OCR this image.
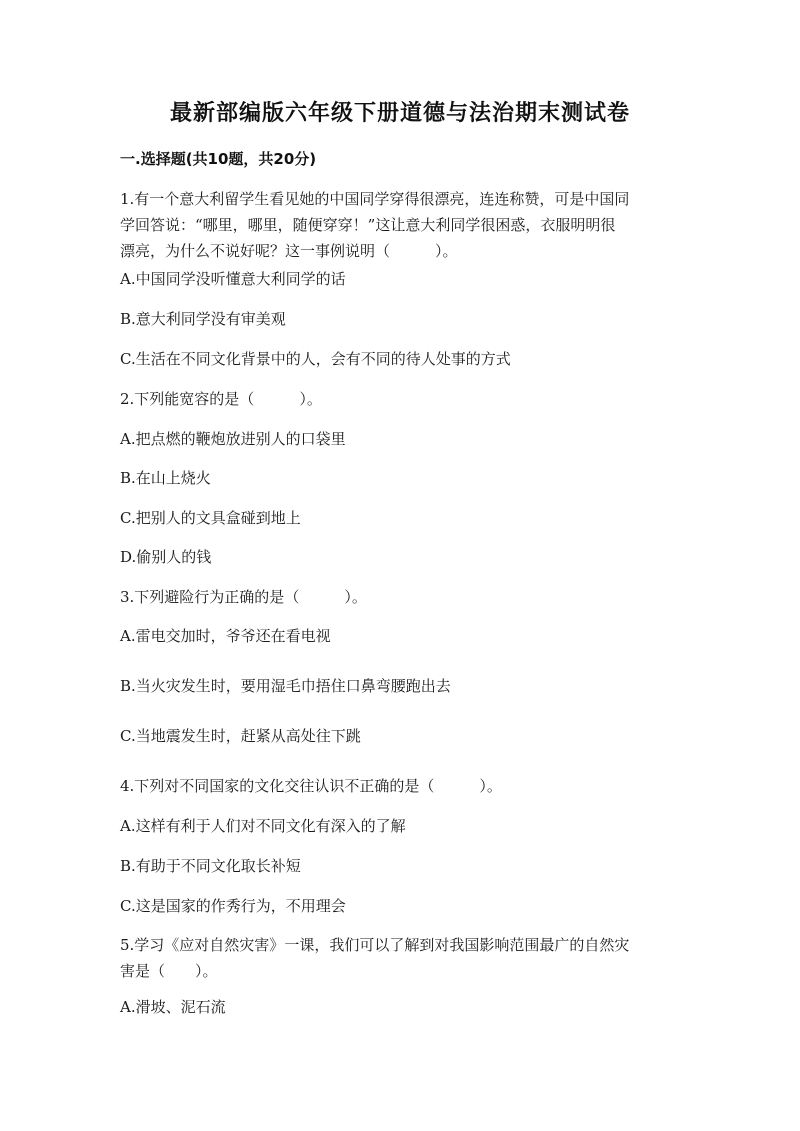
最新部编版六年级下册道德与法治期末测试卷
一.选择题(共10题，共20分)
1.有一个意大利留学生看见她的中国同学穿得很漂亮，连连称赞，可是中国同
学回答说：“哪里，哪里，随便穿穿！”这让意大利同学很困惑，衣服明明很
漂亮，为什么不说好呢？这一事例说明（　　　）。
A.中国同学没听懂意大利同学的话
B.意大利同学没有审美观
C.生活在不同文化背景中的人，会有不同的待人处事的方式
2.下列能宽容的是（　　　）。
A.把点燃的鞭炮放进别人的口袋里
B.在山上烧火
C.把别人的文具盒碰到地上
D.偷别人的钱
3.下列避险行为正确的是（　　　）。
A.雷电交加时，爷爷还在看电视
B.当火灾发生时，要用湿毛巾捂住口鼻弯腰跑出去
C.当地震发生时，赶紧从高处往下跳
4.下列对不同国家的文化交往认识不正确的是（　　　）。
A.这样有利于人们对不同文化有深入的了解
B.有助于不同文化取长补短
C.这是国家的作秀行为，不用理会
5.学习《应对自然灾害》一课，我们可以了解到对我国影响范围最广的自然灾
害是（　　）。
A.滑坡、泥石流
